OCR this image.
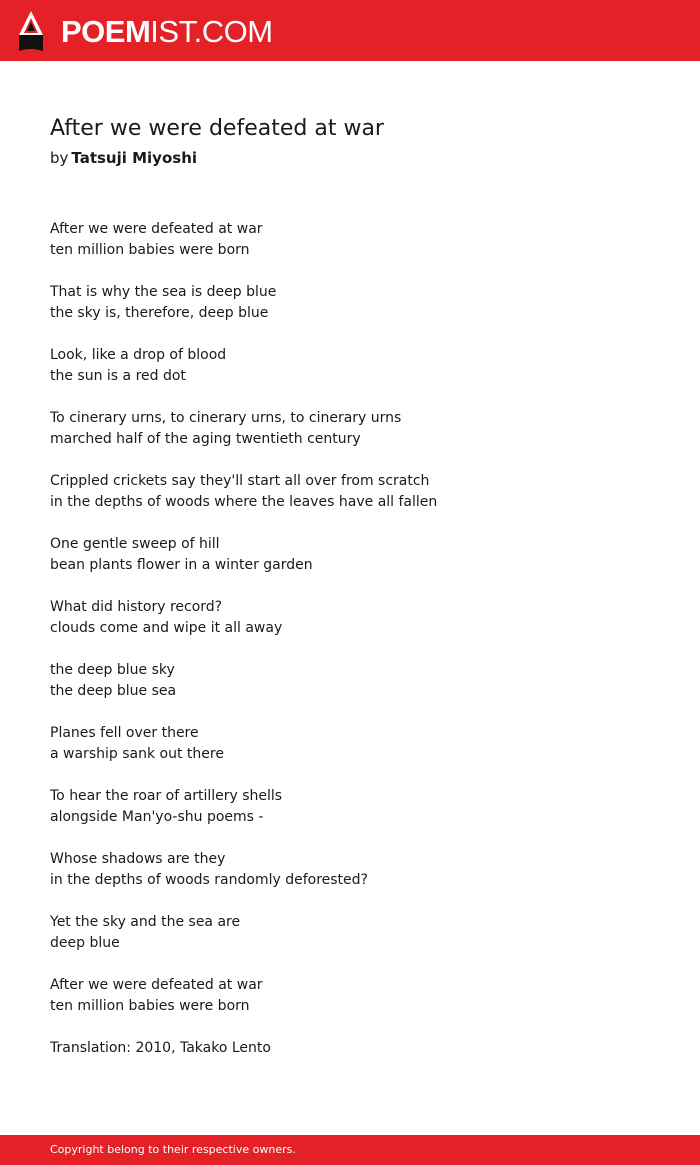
POEMIST.COM
After we were defeated at war
by Tatsuji Miyoshi
After we were defeated at war
ten million babies were born
That is why the sea is deep blue
the sky is, therefore, deep blue
Look, like a drop of blood
the sun is a red dot
To cinerary urns, to cinerary urns, to cinerary urns
marched half of the aging twentieth century
Crippled crickets say they'll start all over from scratch
in the depths of woods where the leaves have all fallen
One gentle sweep of hill
bean plants flower in a winter garden
What did history record?
clouds come and wipe it all away
the deep blue sky
the deep blue sea
Planes fell over there
a warship sank out there
To hear the roar of artillery shells
alongside Man'yo-shu poems -
Whose shadows are they
in the depths of woods randomly deforested?
Yet the sky and the sea are
deep blue
After we were defeated at war
ten million babies were born
Translation: 2010, Takako Lento
Copyright belong to their respective owners.
